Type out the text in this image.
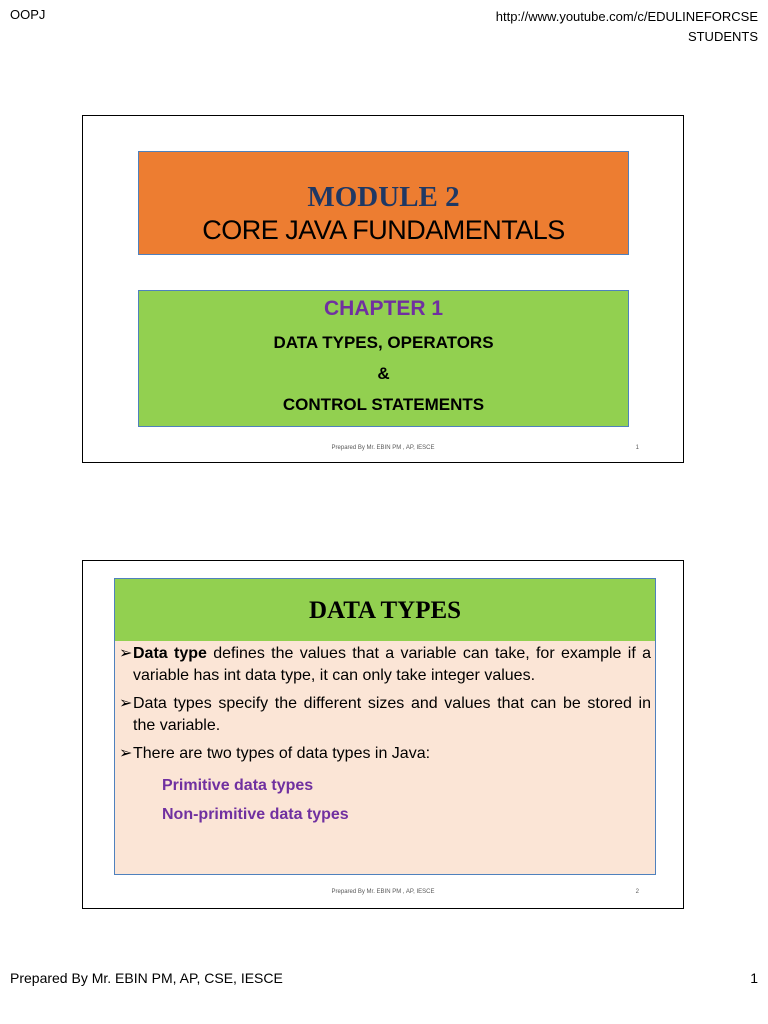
OOPJ	http://www.youtube.com/c/EDULINEFORCSE
STUDENTS
MODULE 2
CORE JAVA FUNDAMENTALS
CHAPTER 1
DATA TYPES, OPERATORS
&
CONTROL STATEMENTS
Prepared By Mr. EBIN PM , AP, IESCE	1
DATA TYPES
➢ Data type defines the values that a variable can take, for example if a variable has int data type, it can only take integer values.
➢ Data types specify the different sizes and values that can be stored in the variable.
➢ There are two types of data types in Java:
Primitive data types
Non-primitive data types
Prepared By Mr. EBIN PM , AP, IESCE	2
Prepared By Mr. EBIN PM, AP, CSE, IESCE	1
